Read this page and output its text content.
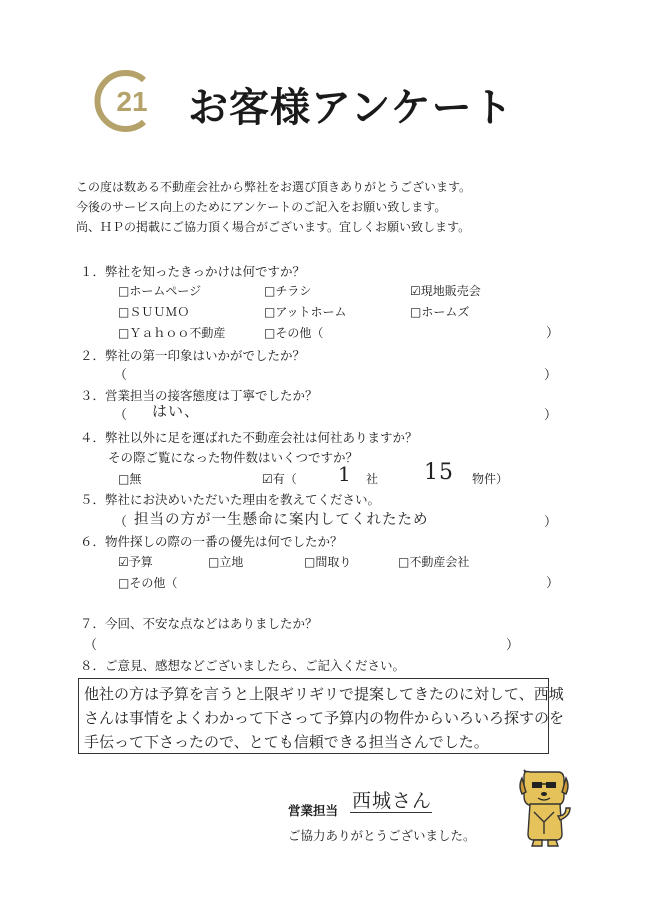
21 お客様アンケート
この度は数ある不動産会社から弊社をお選び頂きありがとうございます。
今後のサービス向上のためにアンケートのご記入をお願い致します。
尚、ＨＰの掲載にご協力頂く場合がございます。宜しくお願い致します。
１．弊社を知ったきっかけは何ですか？
□ホームページ	□チラシ	☑現地販売会
□ＳＵＵＭＯ	□アットホーム	□ホームズ
□Ｙａｈｏｏ不動産	□その他（	）
２．弊社の第一印象はいかがでしたか？
（	）
３．営業担当の接客態度は丁寧でしたか？
（ はい、	）
４．弊社以外に足を運ばれた不動産会社は何社ありますか？
その際ご覧になった物件数はいくつですか？
□無	☑有（ 1 社 15 物件）
５．弊社にお決めいただいた理由を教えてください。
（ 担当の方が一生懸命に案内してくれたため	）
６．物件探しの際の一番の優先は何でしたか？
☑予算	□立地	□間取り	□不動産会社
□その他（	）
７．今回、不安な点などはありましたか？
（	）
８．ご意見、感想などございましたら、ご記入ください。
他社の方は予算を言うと上限ギリギリで提案してきたのに対して、西城
さんは事情をよくわかって下さって予算内の物件からいろいろ探すのを
手伝って下さったので、とても信頼できる担当さんでした。
営業担当 西城さん
ご協力ありがとうございました。
